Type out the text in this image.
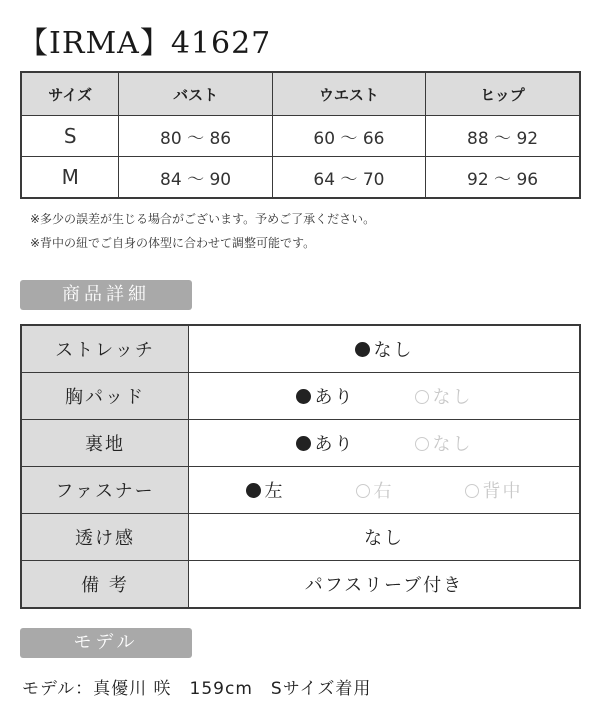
【IRMA】41627
サイズ	バスト	ウエスト	ヒップ
S	80 ～ 86	60 ～ 66	88 ～ 92
M	84 ～ 90	64 ～ 70	92 ～ 96
※多少の誤差が生じる場合がございます。予めご了承ください。
※背中の紐でご自身の体型に合わせて調整可能です。
商品詳細
ストレッチ	なし
胸パッド	あり なし

裏地	あり なし

ファスナー	左 右 背中

透け感	なし
備 考	パフスリーブ付き
モデル
モデル：真優川 咲　159cm　Sサイズ着用
